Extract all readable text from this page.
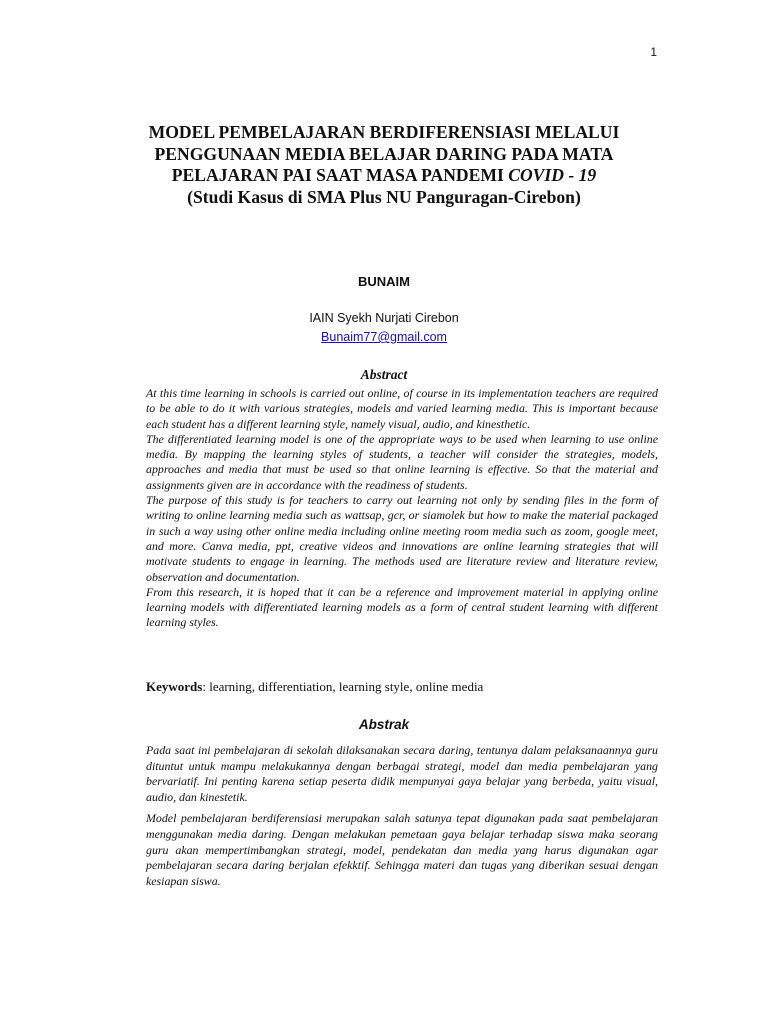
1
MODEL PEMBELAJARAN BERDIFERENSIASI MELALUI
PENGGUNAAN MEDIA BELAJAR DARING PADA MATA
PELAJARAN PAI SAAT MASA PANDEMI COVID - 19
(Studi Kasus di SMA Plus NU Panguragan-Cirebon)
BUNAIM
IAIN Syekh Nurjati Cirebon
Bunaim77@gmail.com
Abstract

At this time learning in schools is carried out online, of course in its implementation teachers are required to be able to do it with various strategies, models and varied learning media. This is important because each student has a different learning style, namely visual, audio, and kinesthetic.

The differentiated learning model is one of the appropriate ways to be used when learning to use online media. By mapping the learning styles of students, a teacher will consider the strategies, models, approaches and media that must be used so that online learning is effective. So that the material and assignments given are in accordance with the readiness of students.

The purpose of this study is for teachers to carry out learning not only by sending files in the form of writing to online learning media such as wattsap, gcr, or siamolek but how to make the material packaged in such a way using other online media including online meeting room media such as zoom, google meet, and more. Canva media, ppt, creative videos and innovations are online learning strategies that will motivate students to engage in learning. The methods used are literature review and literature review, observation and documentation.

From this research, it is hoped that it can be a reference and improvement material in applying online learning models with differentiated learning models as a form of central student learning with different learning styles.

Keywords: learning, differentiation, learning style, online media
Abstrak

Pada saat ini pembelajaran di sekolah dilaksanakan secara daring, tentunya dalam pelaksanaannya guru dituntut untuk mampu melakukannya dengan berbagai strategi, model dan media pembelajaran yang bervariatif. Ini penting karena setiap peserta didik mempunyai gaya belajar yang berbeda, yaitu visual, audio, dan kinestetik.

Model pembelajaran berdiferensiasi merupakan salah satunya tepat digunakan pada saat pembelajaran menggunakan media daring. Dengan melakukan pemetaan gaya belajar terhadap siswa maka seorang guru akan mempertimbangkan strategi, model, pendekatan dan media yang harus digunakan agar pembelajaran secara daring berjalan efekktif. Sehingga materi dan tugas yang diberikan sesuai dengan kesiapan siswa.
